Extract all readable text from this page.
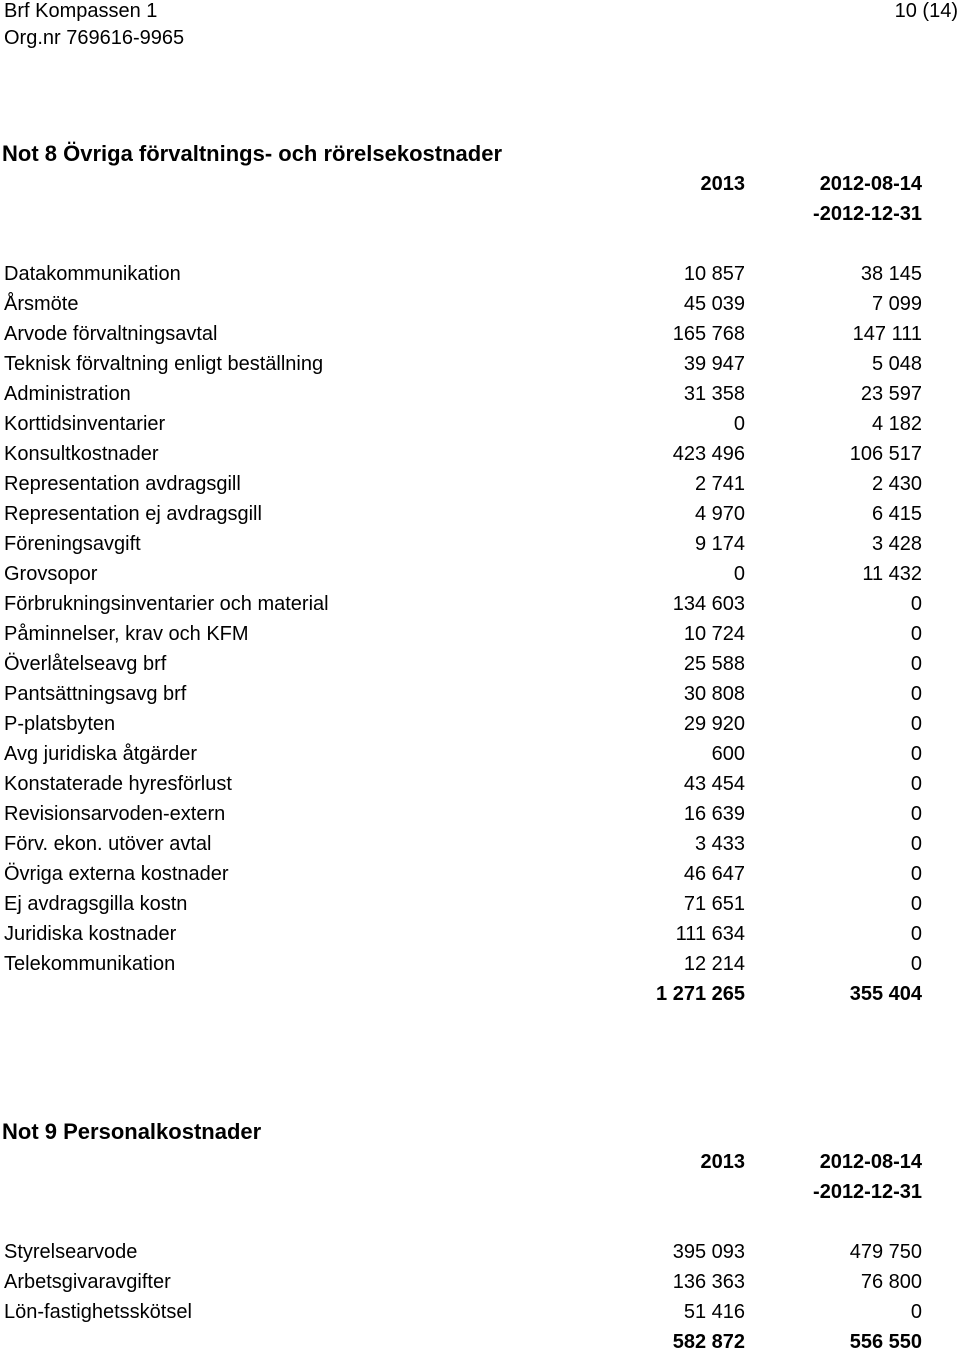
Brf Kompassen 1	10 (14)
Org.nr 769616-9965
Not 8 Övriga förvaltnings- och rörelsekostnader
2013	2012-08-14
-2012-12-31
Datakommunikation	10 857	38 145
Årsmöte	45 039	7 099
Arvode förvaltningsavtal	165 768	147 111
Teknisk förvaltning enligt beställning	39 947	5 048
Administration	31 358	23 597
Korttidsinventarier	0	4 182
Konsultkostnader	423 496	106 517
Representation avdragsgill	2 741	2 430
Representation ej avdragsgill	4 970	6 415
Föreningsavgift	9 174	3 428
Grovsopor	0	11 432
Förbrukningsinventarier och material	134 603	0
Påminnelser, krav och KFM	10 724	0
Överlåtelseavg brf	25 588	0
Pantsättningsavg brf	30 808	0
P-platsbyten	29 920	0
Avg juridiska åtgärder	600	0
Konstaterade hyresförlust	43 454	0
Revisionsarvoden-extern	16 639	0
Förv. ekon. utöver avtal	3 433	0
Övriga externa kostnader	46 647	0
Ej avdragsgilla kostn	71 651	0
Juridiska kostnader	111 634	0
Telekommunikation	12 214	0
1 271 265	355 404
Not 9 Personalkostnader
2013	2012-08-14
-2012-12-31
Styrelsearvode	395 093	479 750
Arbetsgivaravgifter	136 363	76 800
Lön-fastighetsskötsel	51 416	0
582 872	556 550
